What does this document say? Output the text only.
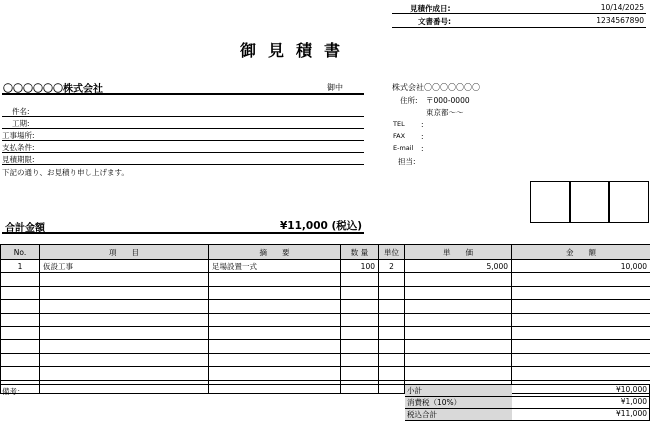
見積作成日:	10/14/2025
文書番号:	1234567890
御見積書
〇〇〇〇〇〇株式会社	御中
件名:
工期:
工事場所:
支払条件:
見積期限:
下記の通り、お見積り申し上げます。
株式会社〇〇〇〇〇〇〇
住所: 〒000-0000
東京都～～
TEL :
FAX :
E-mail :
担当:
合計金額	¥11,000 (税込)
No.	項　　目	摘　　要	数 量	単位	単　　価	金　　額
1	仮設工事	足場設置一式	100	2	5,000	10,000

備考：	小計	¥10,000
消費税（10%）	¥1,000
税込合計	¥11,000
